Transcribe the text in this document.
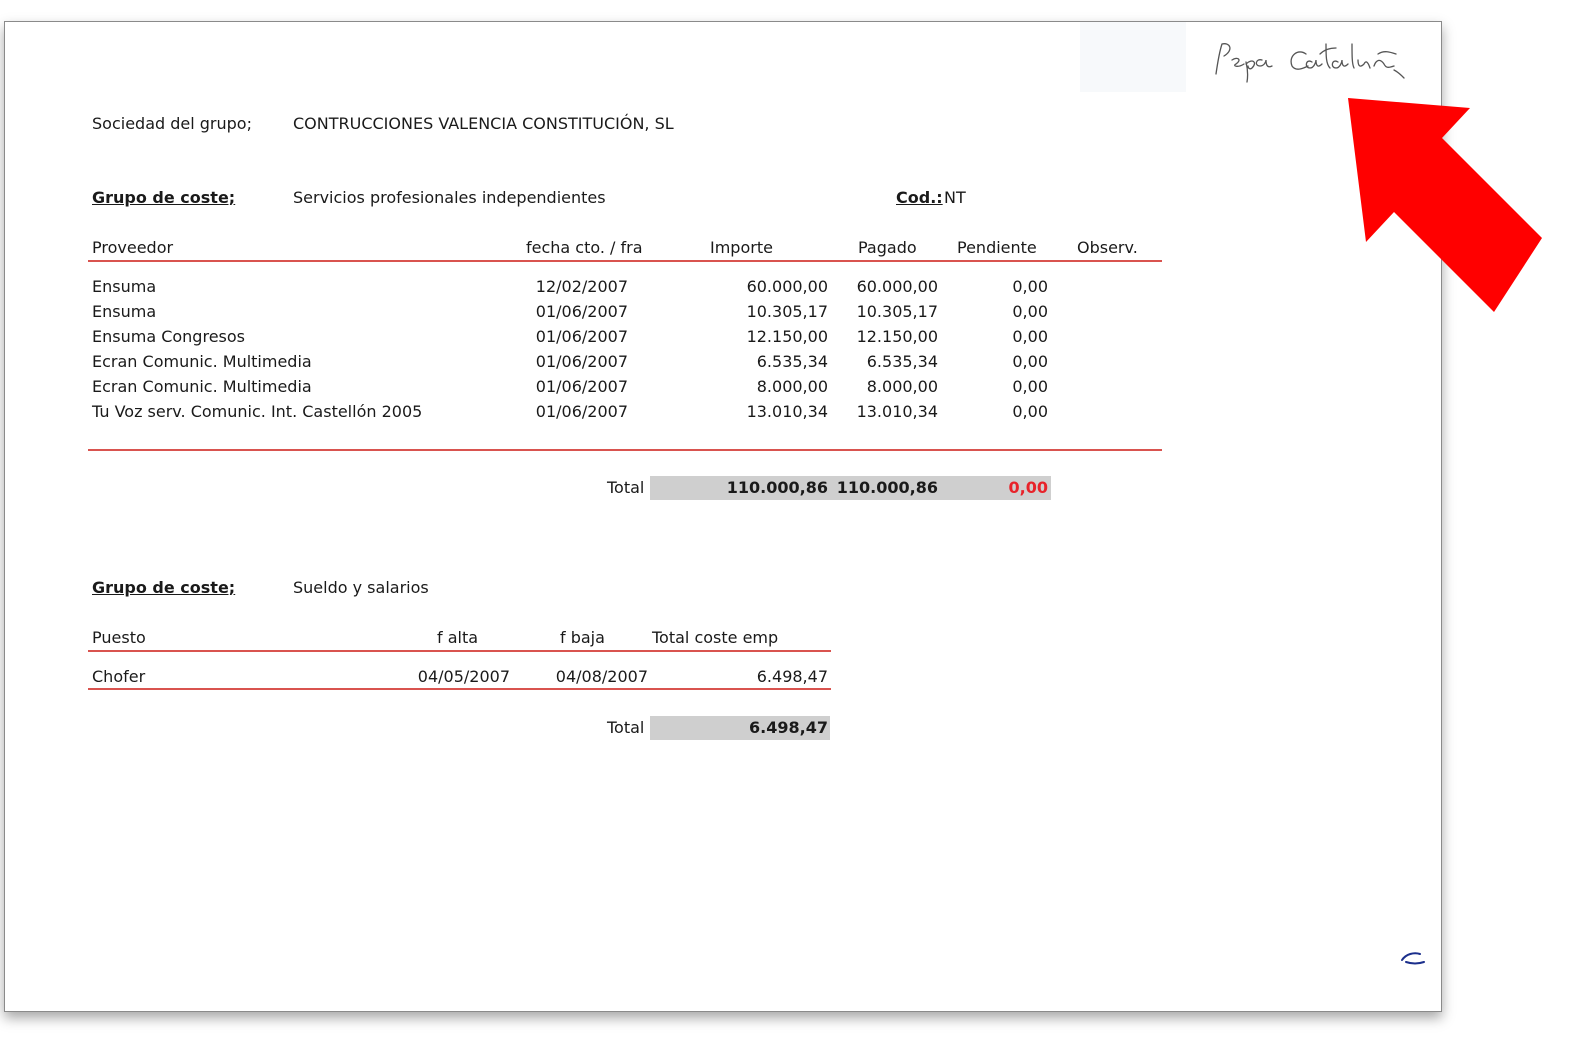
Sociedad del grupo;	CONTRUCCIONES VALENCIA CONSTITUCIÓN, SL
Grupo de coste;	Servicios profesionales independientes	Cod.: NT
Proveedor	fecha cto. / fra	Importe	Pagado	Pendiente	Observ.
Ensuma	12/02/2007	60.000,00	60.000,00	0,00
Ensuma	01/06/2007	10.305,17	10.305,17	0,00
Ensuma Congresos	01/06/2007	12.150,00	12.150,00	0,00
Ecran Comunic. Multimedia	01/06/2007	6.535,34	6.535,34	0,00
Ecran Comunic. Multimedia	01/06/2007	8.000,00	8.000,00	0,00
Tu Voz serv. Comunic. Int. Castellón 2005	01/06/2007	13.010,34	13.010,34	0,00
Total	110.000,86 110.000,86	0,00
Grupo de coste;	Sueldo y salarios
Puesto	f alta	f baja	Total coste emp
Chofer	04/05/2007	04/08/2007	6.498,47
Total	6.498,47
